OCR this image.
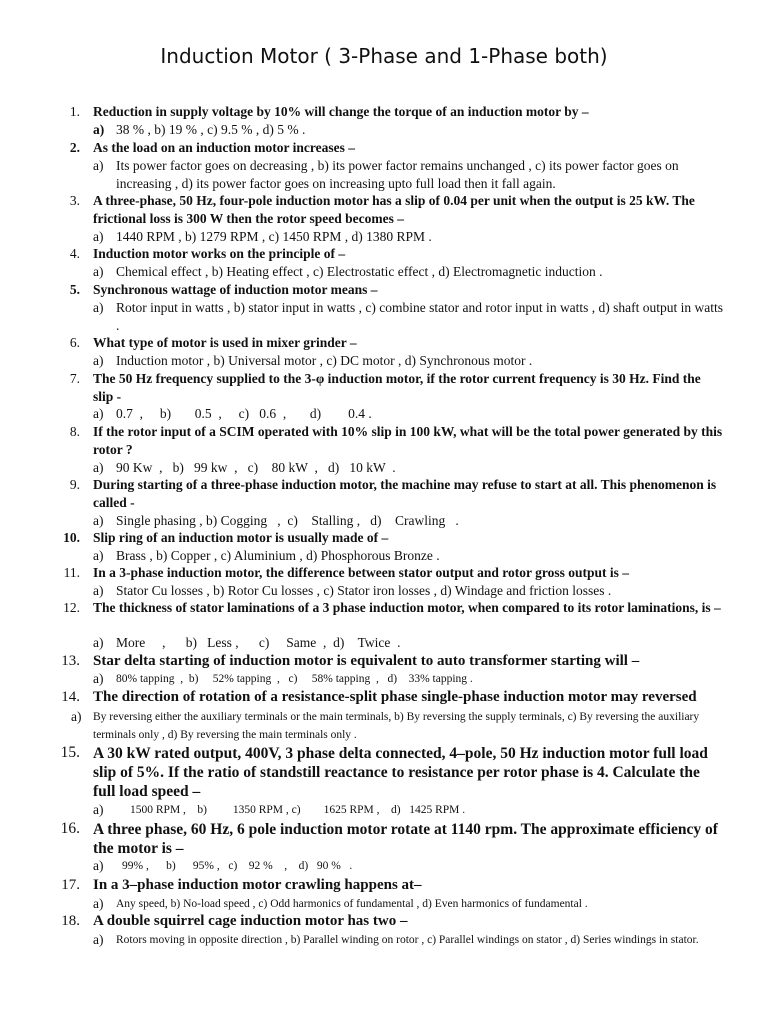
Induction Motor ( 3-Phase and 1-Phase both)
1. Reduction in supply voltage by 10% will change the torque of an induction motor by –
a) 38 % , b) 19 % , c) 9.5 % , d) 5 % .
2. As the load on an induction motor increases –
a) Its power factor goes on decreasing , b) its power factor remains unchanged , c) its power factor goes on increasing , d) its power factor goes on increasing upto full load then it fall again.
3. A three-phase, 50 Hz, four-pole induction motor has a slip of 0.04 per unit when the output is 25 kW. The frictional loss is 300 W then the rotor speed becomes –
a) 1440 RPM , b) 1279 RPM , c) 1450 RPM , d) 1380 RPM .
4. Induction motor works on the principle of –
a) Chemical effect , b) Heating effect , c) Electrostatic effect , d) Electromagnetic induction .
5. Synchronous wattage of induction motor means –
a) Rotor input in watts , b) stator input in watts , c) combine stator and rotor input in watts , d) shaft output in watts .
6. What type of motor is used in mixer grinder –
a) Induction motor , b) Universal motor , c) DC motor , d) Synchronous motor .
7. The 50 Hz frequency supplied to the 3-φ induction motor, if the rotor current frequency is 30 Hz. Find the slip -
a) 0.7  ,     b)       0.5  ,     c)   0.6  ,       d)        0.4 .
8. If the rotor input of a SCIM operated with 10% slip in 100 kW, what will be the total power generated by this rotor ?
a) 90 Kw  ,   b)   99 kw  ,   c)    80 kW  ,   d)   10 kW  .
9. During starting of a three-phase induction motor, the machine may refuse to start at all. This phenomenon is called -
a) Single phasing , b) Cogging   ,  c)    Stalling ,   d)    Crawling   .
10. Slip ring of an induction motor is usually made of –
a) Brass , b) Copper , c) Aluminium , d) Phosphorous Bronze .
11. In a 3-phase induction motor, the difference between stator output and rotor gross output is –
a) Stator Cu losses , b) Rotor Cu losses , c) Stator iron losses , d) Windage and friction losses .
12. The thickness of stator laminations of a 3 phase induction motor, when compared to its rotor laminations, is –
a) More     ,      b)   Less ,      c)     Same  ,  d)    Twice  .
13. Star delta starting of induction motor is equivalent to auto transformer starting will –
a)	80% tapping  ,  b)     52% tapping  ,   c)     58% tapping  ,   d)    33% tapping .
14. The direction of rotation of a resistance-split phase single-phase induction motor may reversed
a)	By reversing either the auxiliary terminals or the main terminals, b) By reversing the supply terminals, c) By reversing the auxiliary terminals only , d) By reversing the main terminals only .
15. A 30 kW rated output, 400V, 3 phase delta connected, 4–pole, 50 Hz induction motor full load slip of 5%. If the ratio of standstill reactance to resistance per rotor phase is 4. Calculate the full load speed –
a)	1500 RPM ,    b)         1350 RPM , c)        1625 RPM ,    d)   1425 RPM .
16. A three phase, 60 Hz, 6 pole induction motor rotate at 1140 rpm. The approximate efficiency of the motor is –
a)	99% ,      b)      95% ,   c)    92 %    ,    d)   90 %   .
17. In a 3–phase induction motor crawling happens at–
a)	Any speed, b) No-load speed , c) Odd harmonics of fundamental , d) Even harmonics of fundamental .
18. A double squirrel cage induction motor has two –
a)	Rotors moving in opposite direction , b) Parallel winding on rotor , c) Parallel windings on stator , d) Series windings in stator.
